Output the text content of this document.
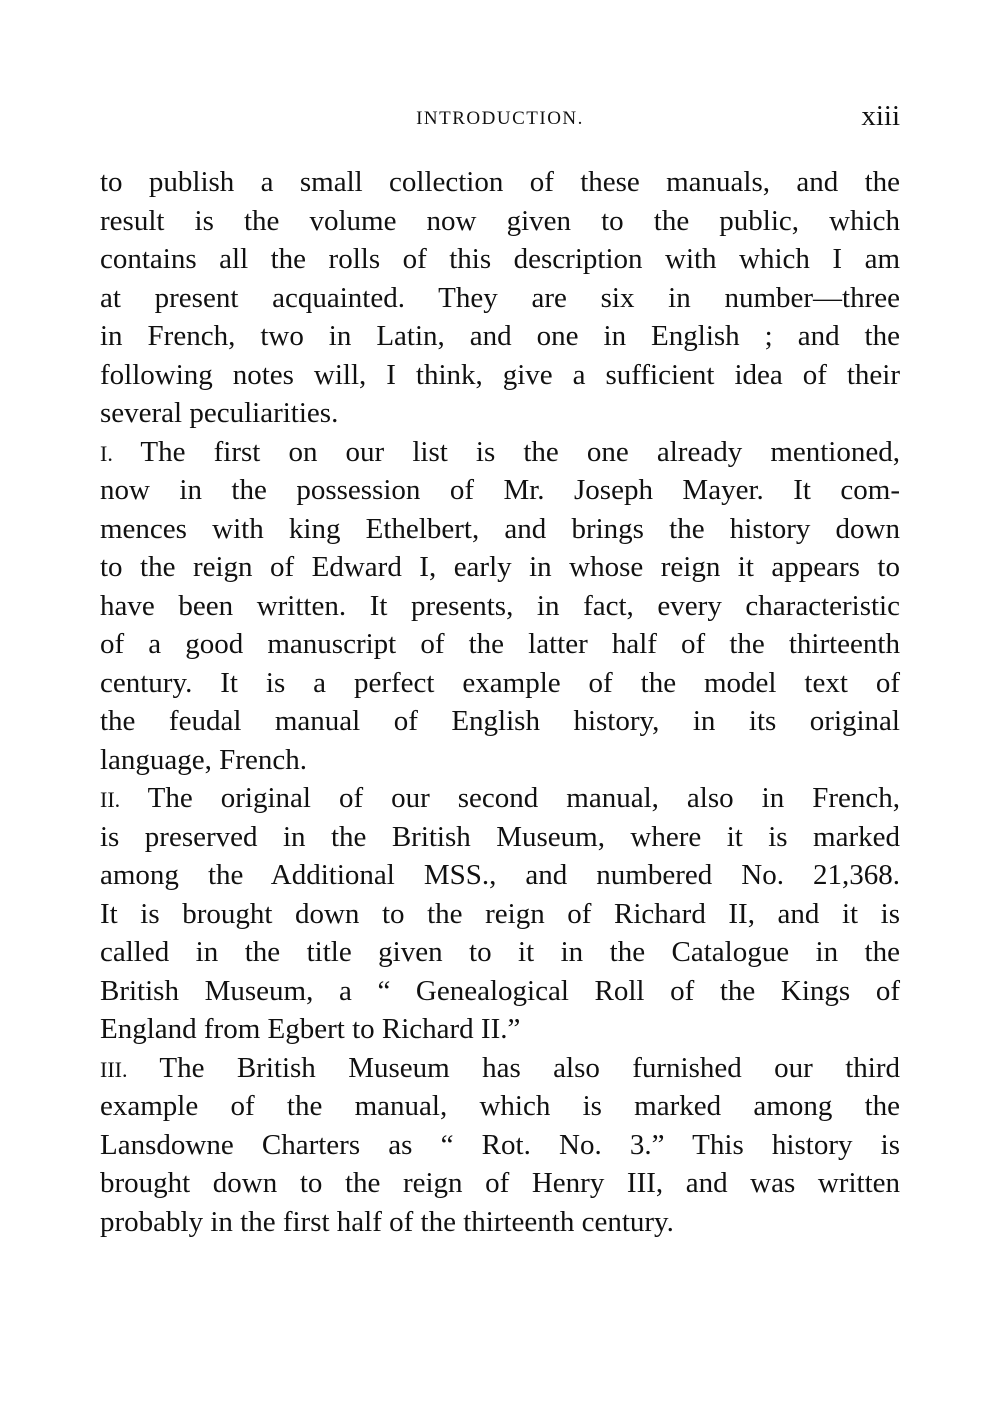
INTRODUCTION.	xiii
to publish a small collection of these manuals, and the
result is the volume now given to the public, which
contains all the rolls of this description with which I am
at present acquainted. They are six in number—three
in French, two in Latin, and one in English ; and the
following notes will, I think, give a sufficient idea of their
several peculiarities.
I. The first on our list is the one already mentioned,
now in the possession of Mr. Joseph Mayer. It com-
mences with king Ethelbert, and brings the history down
to the reign of Edward I, early in whose reign it appears to
have been written. It presents, in fact, every characteristic
of a good manuscript of the latter half of the thirteenth
century. It is a perfect example of the model text of
the feudal manual of English history, in its original
language, French.
II. The original of our second manual, also in French,
is preserved in the British Museum, where it is marked
among the Additional MSS., and numbered No. 21,368.
It is brought down to the reign of Richard II, and it is
called in the title given to it in the Catalogue in the
British Museum, a “ Genealogical Roll of the Kings of
England from Egbert to Richard II.”
III. The British Museum has also furnished our third
example of the manual, which is marked among the
Lansdowne Charters as “ Rot. No. 3.” This history is
brought down to the reign of Henry III, and was written
probably in the first half of the thirteenth century.
